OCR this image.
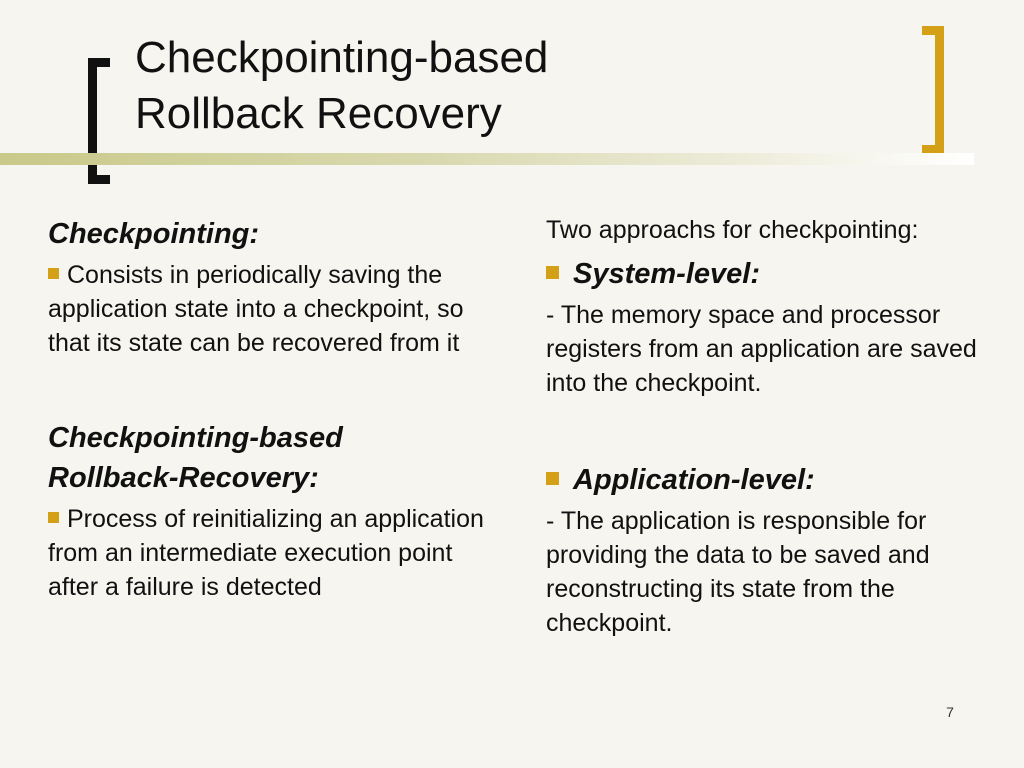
Checkpointing-based
Rollback Recovery

Checkpointing:

Consists in periodically saving the application state into a checkpoint, so that its state can be recovered from it

Checkpointing-based
Rollback-Recovery:

Process of reinitializing an application from an intermediate execution point after a failure is detected

Two approachs for checkpointing:

System-level:

- The memory space and processor registers from an application are saved into the checkpoint.

Application-level:

- The application is responsible for providing the data to be saved and reconstructing its state from the checkpoint.

7
